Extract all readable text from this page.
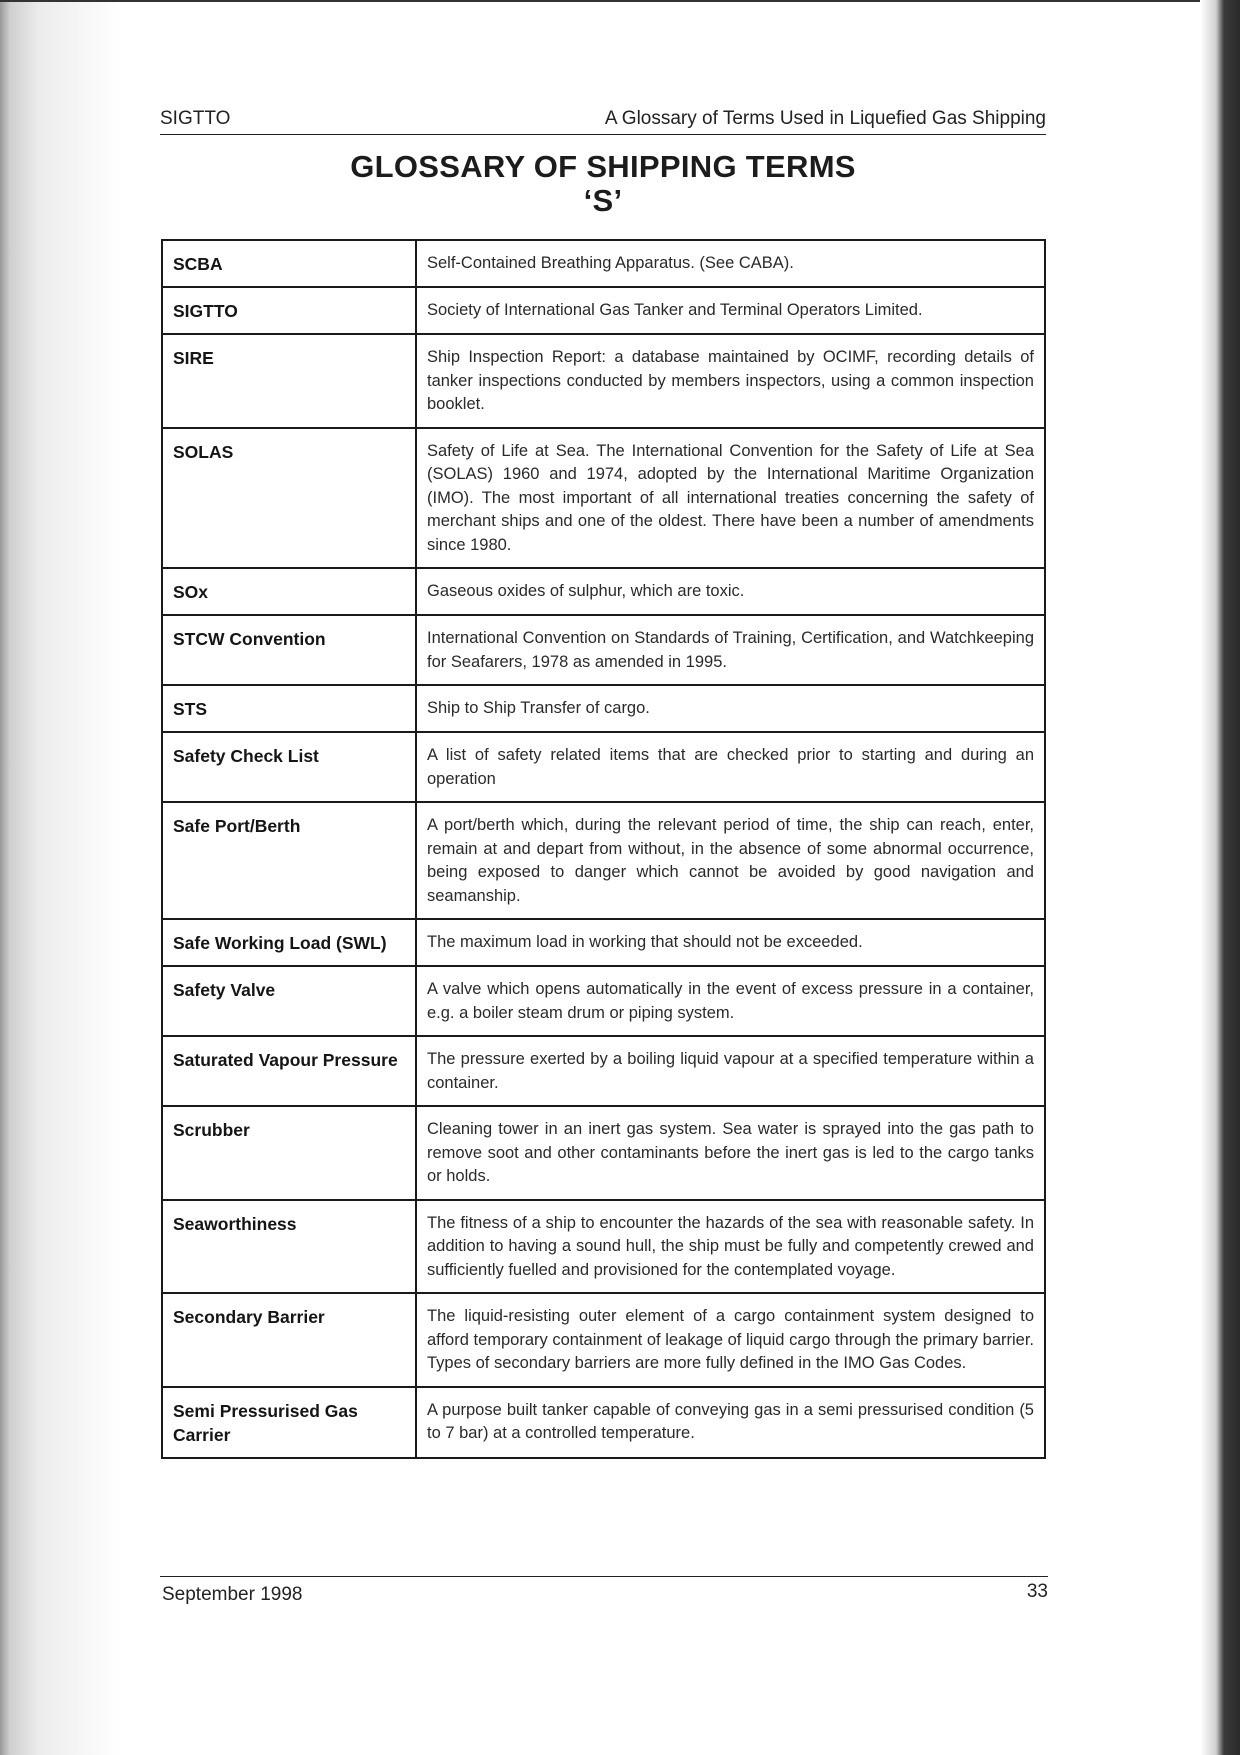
SIGTTO	A Glossary of Terms Used in Liquefied Gas Shipping
GLOSSARY OF SHIPPING TERMS
‘S’
SCBA	Self-Contained Breathing Apparatus. (See CABA).
SIGTTO	Society of International Gas Tanker and Terminal Operators Limited.
SIRE	Ship Inspection Report: a database maintained by OCIMF, recording details of tanker inspections conducted by members inspectors, using a common inspection booklet.
SOLAS	Safety of Life at Sea. The International Convention for the Safety of Life at Sea (SOLAS) 1960 and 1974, adopted by the International Maritime Organization (IMO). The most important of all international treaties concerning the safety of merchant ships and one of the oldest. There have been a number of amendments since 1980.
SOx	Gaseous oxides of sulphur, which are toxic.
STCW Convention	International Convention on Standards of Training, Certification, and Watchkeeping for Seafarers, 1978 as amended in 1995.
STS	Ship to Ship Transfer of cargo.
Safety Check List	A list of safety related items that are checked prior to starting and during an operation
Safe Port/Berth	A port/berth which, during the relevant period of time, the ship can reach, enter, remain at and depart from without, in the absence of some abnormal occurrence, being exposed to danger which cannot be avoided by good navigation and seamanship.
Safe Working Load (SWL)	The maximum load in working that should not be exceeded.
Safety Valve	A valve which opens automatically in the event of excess pressure in a container, e.g. a boiler steam drum or piping system.
Saturated Vapour Pressure	The pressure exerted by a boiling liquid vapour at a specified temperature within a container.
Scrubber	Cleaning tower in an inert gas system. Sea water is sprayed into the gas path to remove soot and other contaminants before the inert gas is led to the cargo tanks or holds.
Seaworthiness	The fitness of a ship to encounter the hazards of the sea with reasonable safety. In addition to having a sound hull, the ship must be fully and competently crewed and sufficiently fuelled and provisioned for the contemplated voyage.
Secondary Barrier	The liquid-resisting outer element of a cargo containment system designed to afford temporary containment of leakage of liquid cargo through the primary barrier. Types of secondary barriers are more fully defined in the IMO Gas Codes.
Semi Pressurised Gas Carrier	A purpose built tanker capable of conveying gas in a semi pressurised condition (5 to 7 bar) at a controlled temperature.
September 1998	33
